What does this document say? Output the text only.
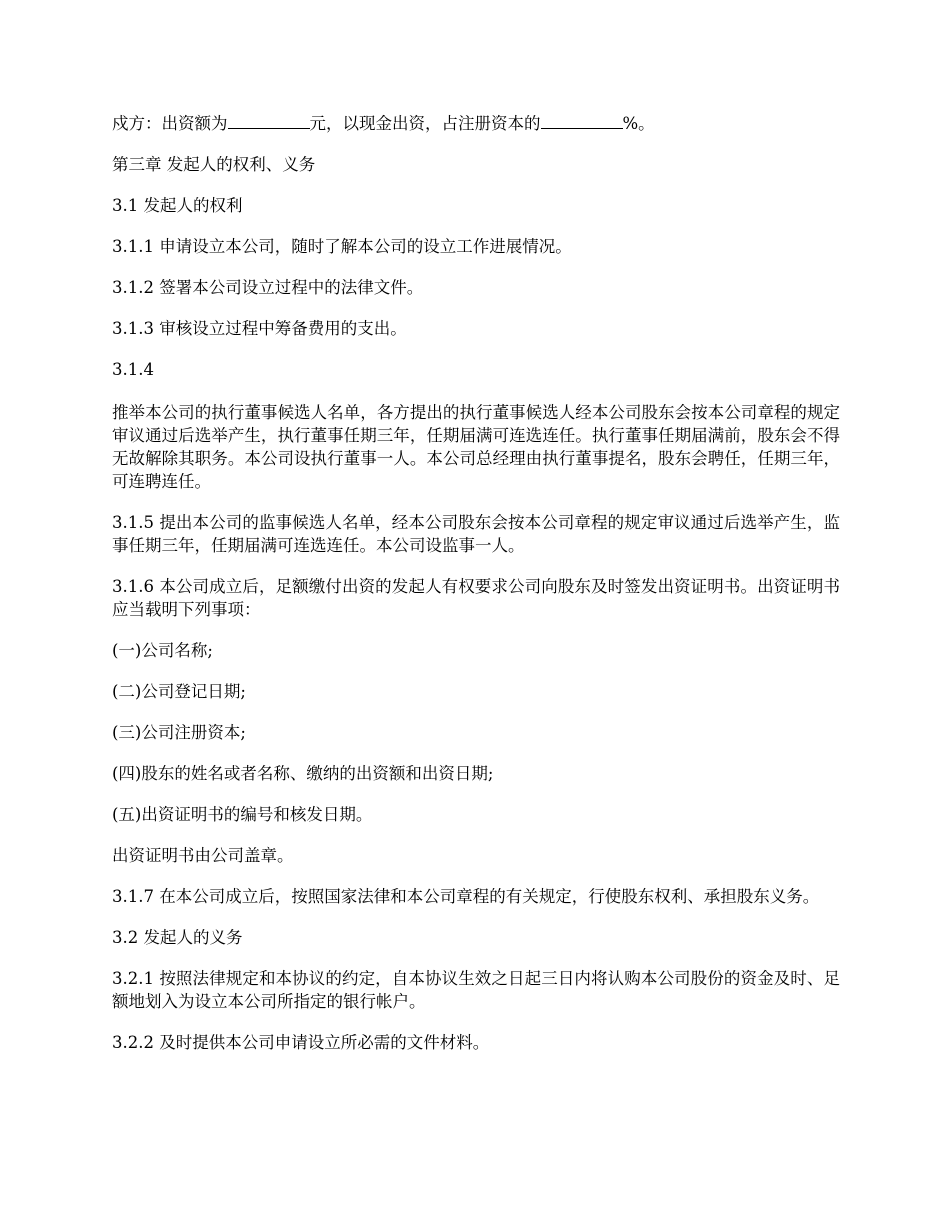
戍方：出资额为	元，以现金出资，占注册资本的	%。

第三章 发起人的权利、义务

3.1 发起人的权利

3.1.1 申请设立本公司，随时了解本公司的设立工作进展情况。

3.1.2 签署本公司设立过程中的法律文件。

3.1.3 审核设立过程中筹备费用的支出。

3.1.4

推举本公司的执行董事候选人名单，各方提出的执行董事候选人经本公司股东会按本公司章程的规定审议通过后选举产生，执行董事任期三年，任期届满可连选连任。执行董事任期届满前，股东会不得无故解除其职务。本公司设执行董事一人。本公司总经理由执行董事提名，股东会聘任，任期三年，可连聘连任。

3.1.5 提出本公司的监事候选人名单，经本公司股东会按本公司章程的规定审议通过后选举产生，监事任期三年，任期届满可连选连任。本公司设监事一人。

3.1.6 本公司成立后，足额缴付出资的发起人有权要求公司向股东及时签发出资证明书。出资证明书应当载明下列事项：

(一)公司名称;

(二)公司登记日期;

(三)公司注册资本;

(四)股东的姓名或者名称、缴纳的出资额和出资日期;

(五)出资证明书的编号和核发日期。

出资证明书由公司盖章。

3.1.7 在本公司成立后，按照国家法律和本公司章程的有关规定，行使股东权利、承担股东义务。

3.2 发起人的义务

3.2.1 按照法律规定和本协议的约定，自本协议生效之日起三日内将认购本公司股份的资金及时、足额地划入为设立本公司所指定的银行帐户。

3.2.2 及时提供本公司申请设立所必需的文件材料。
